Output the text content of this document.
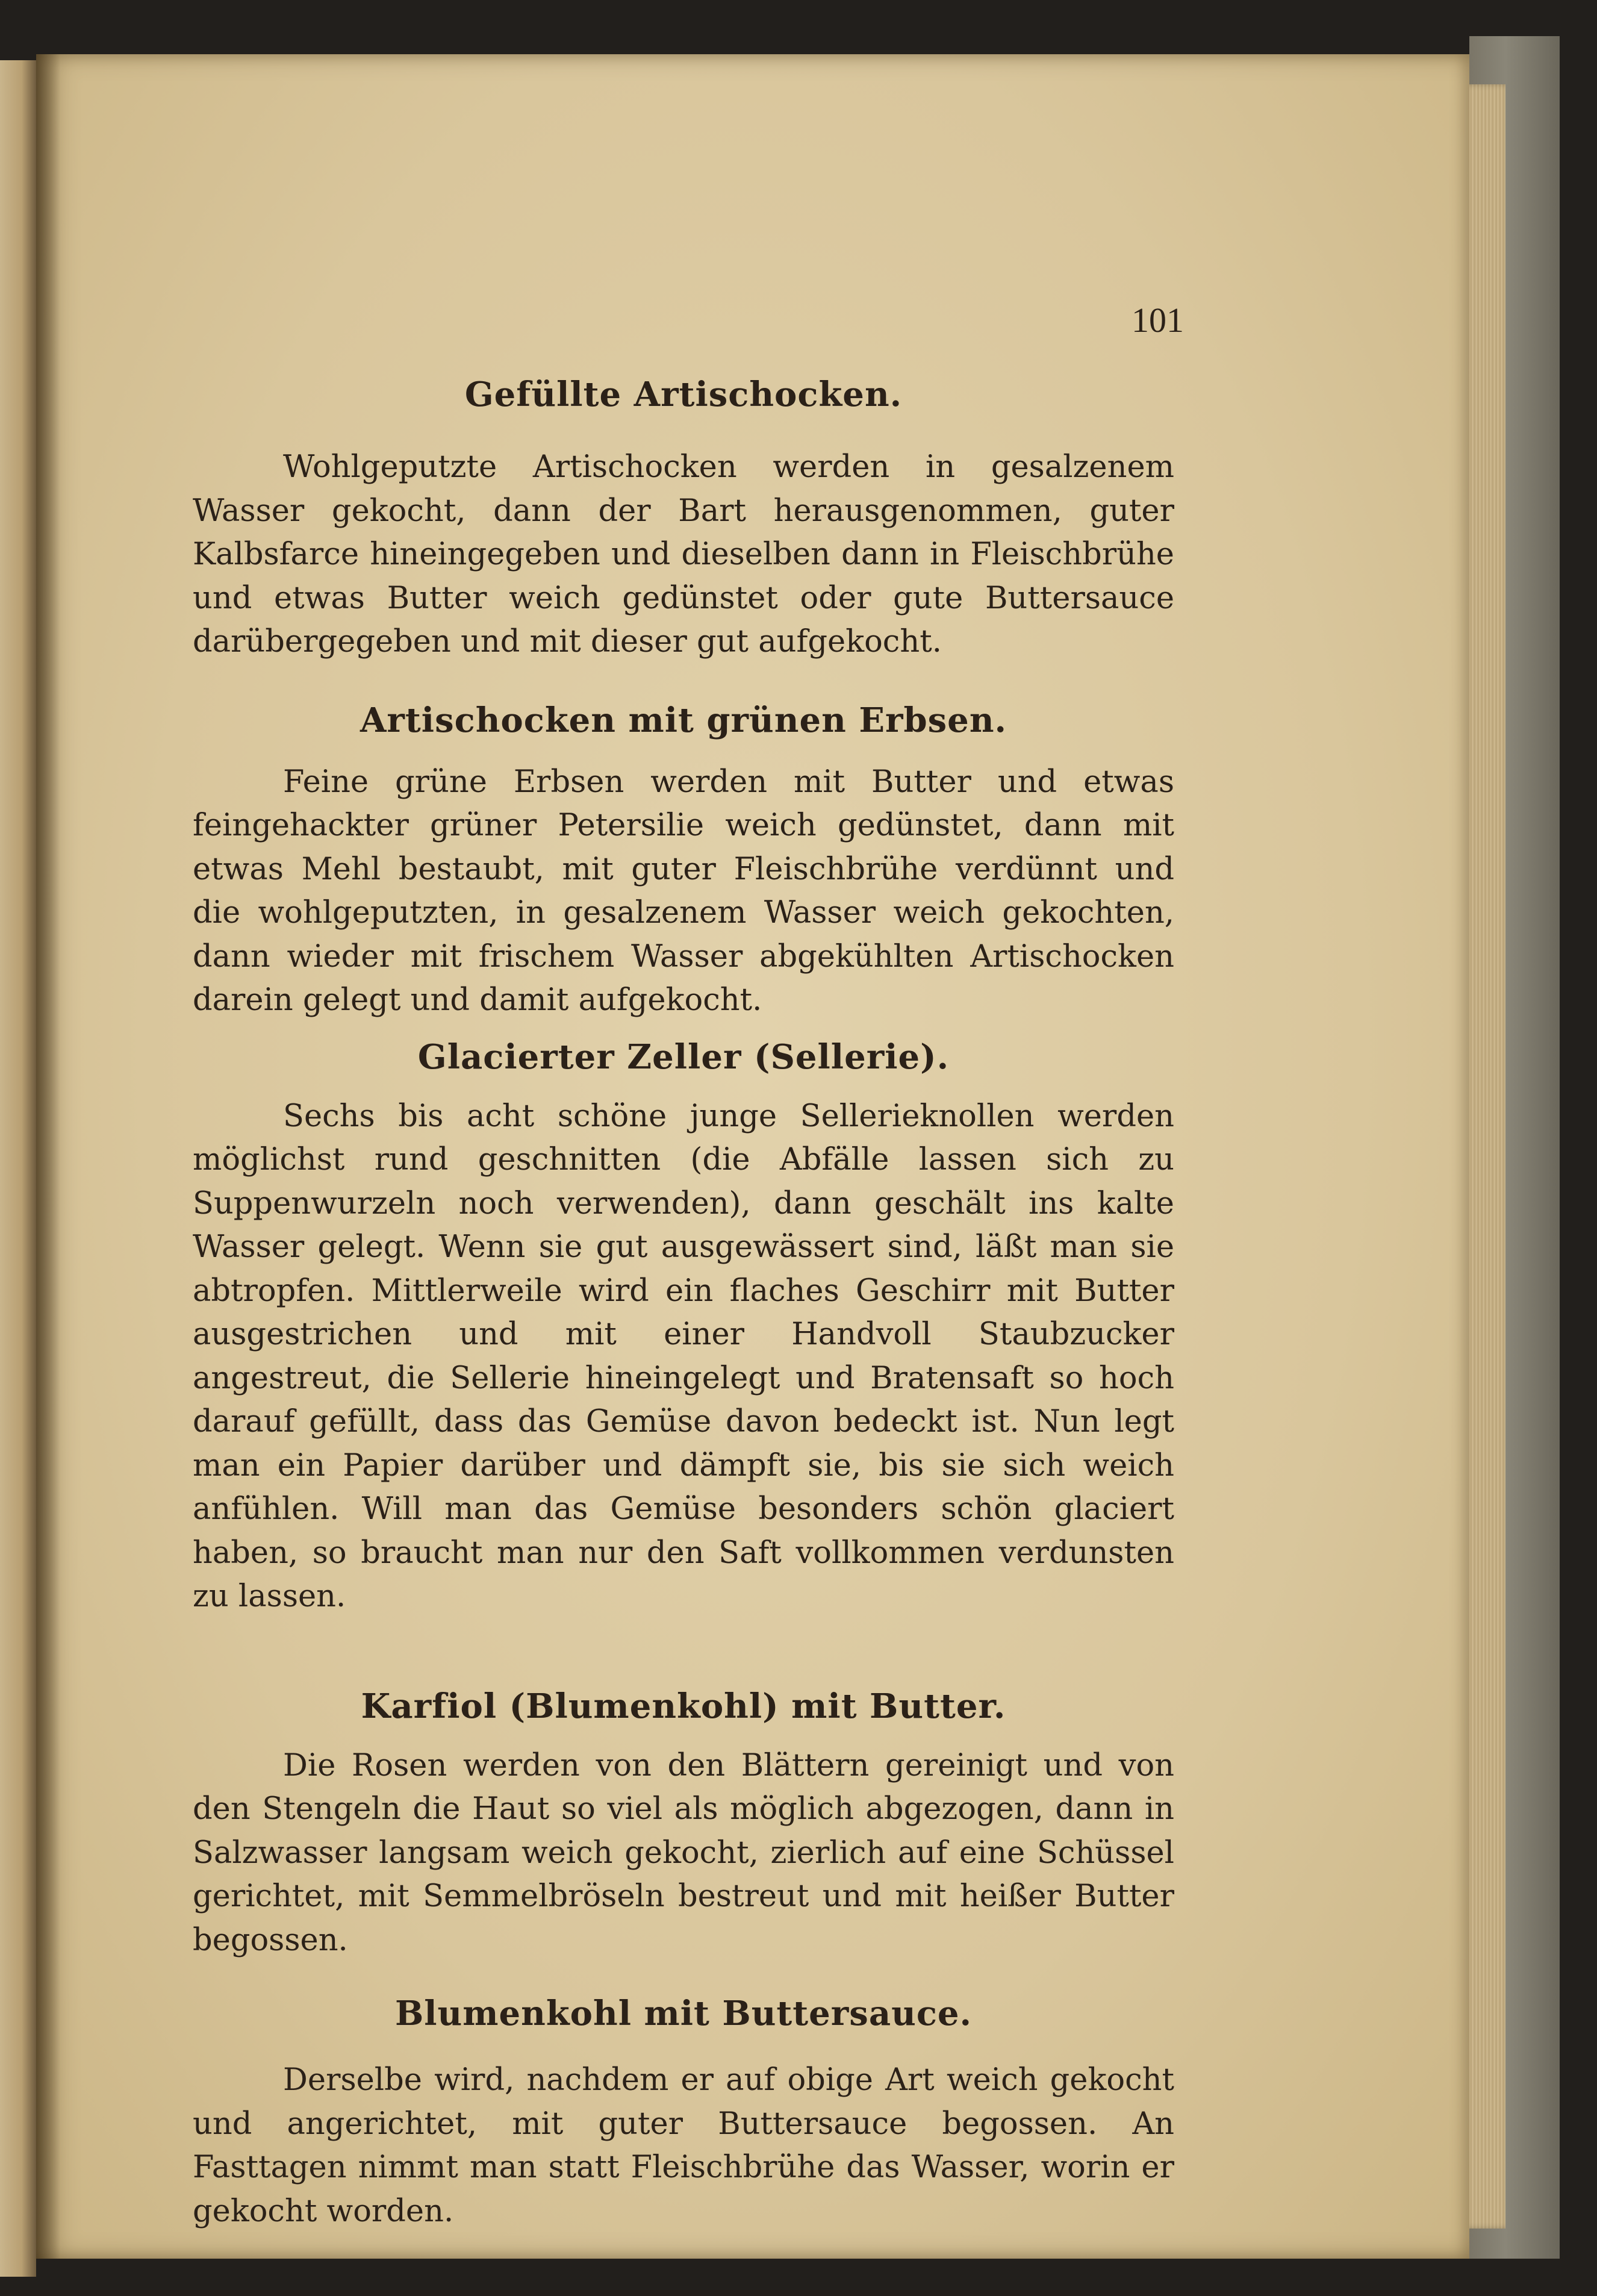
101
Gefüllte Artischocken.

Wohlgeputzte Artischocken werden in gesalzenem Wasser gekocht, dann der Bart herausgenommen, guter Kalbsfarce hineingegeben und dieselben dann in Fleischbrühe und etwas Butter weich gedünstet oder gute Buttersauce darübergegeben und mit dieser gut aufgekocht.

Artischocken mit grünen Erbsen.

Feine grüne Erbsen werden mit Butter und etwas feingehackter grüner Petersilie weich gedünstet, dann mit etwas Mehl bestaubt, mit guter Fleischbrühe verdünnt und die wohlgeputzten, in gesalzenem Wasser weich gekochten, dann wieder mit frischem Wasser abgekühlten Artischocken darein gelegt und damit aufgekocht.

Glacierter Zeller (Sellerie).

Sechs bis acht schöne junge Sellerieknollen werden möglichst rund geschnitten (die Abfälle lassen sich zu Suppenwurzeln noch verwenden), dann geschält ins kalte Wasser gelegt. Wenn sie gut ausgewässert sind, läßt man sie abtropfen. Mittlerweile wird ein flaches Geschirr mit Butter ausgestrichen und mit einer Handvoll Staubzucker angestreut, die Sellerie hineingelegt und Bratensaft so hoch darauf gefüllt, dass das Gemüse davon bedeckt ist. Nun legt man ein Papier darüber und dämpft sie, bis sie sich weich anfühlen. Will man das Gemüse besonders schön glaciert haben, so braucht man nur den Saft vollkommen verdunsten zu lassen.

Karfiol (Blumenkohl) mit Butter.

Die Rosen werden von den Blättern gereinigt und von den Stengeln die Haut so viel als möglich abgezogen, dann in Salzwasser langsam weich gekocht, zierlich auf eine Schüssel gerichtet, mit Semmelbröseln bestreut und mit heißer Butter begossen.

Blumenkohl mit Buttersauce.

Derselbe wird, nachdem er auf obige Art weich gekocht und angerichtet, mit guter Buttersauce begossen. An Fasttagen nimmt man statt Fleischbrühe das Wasser, worin er gekocht worden.
